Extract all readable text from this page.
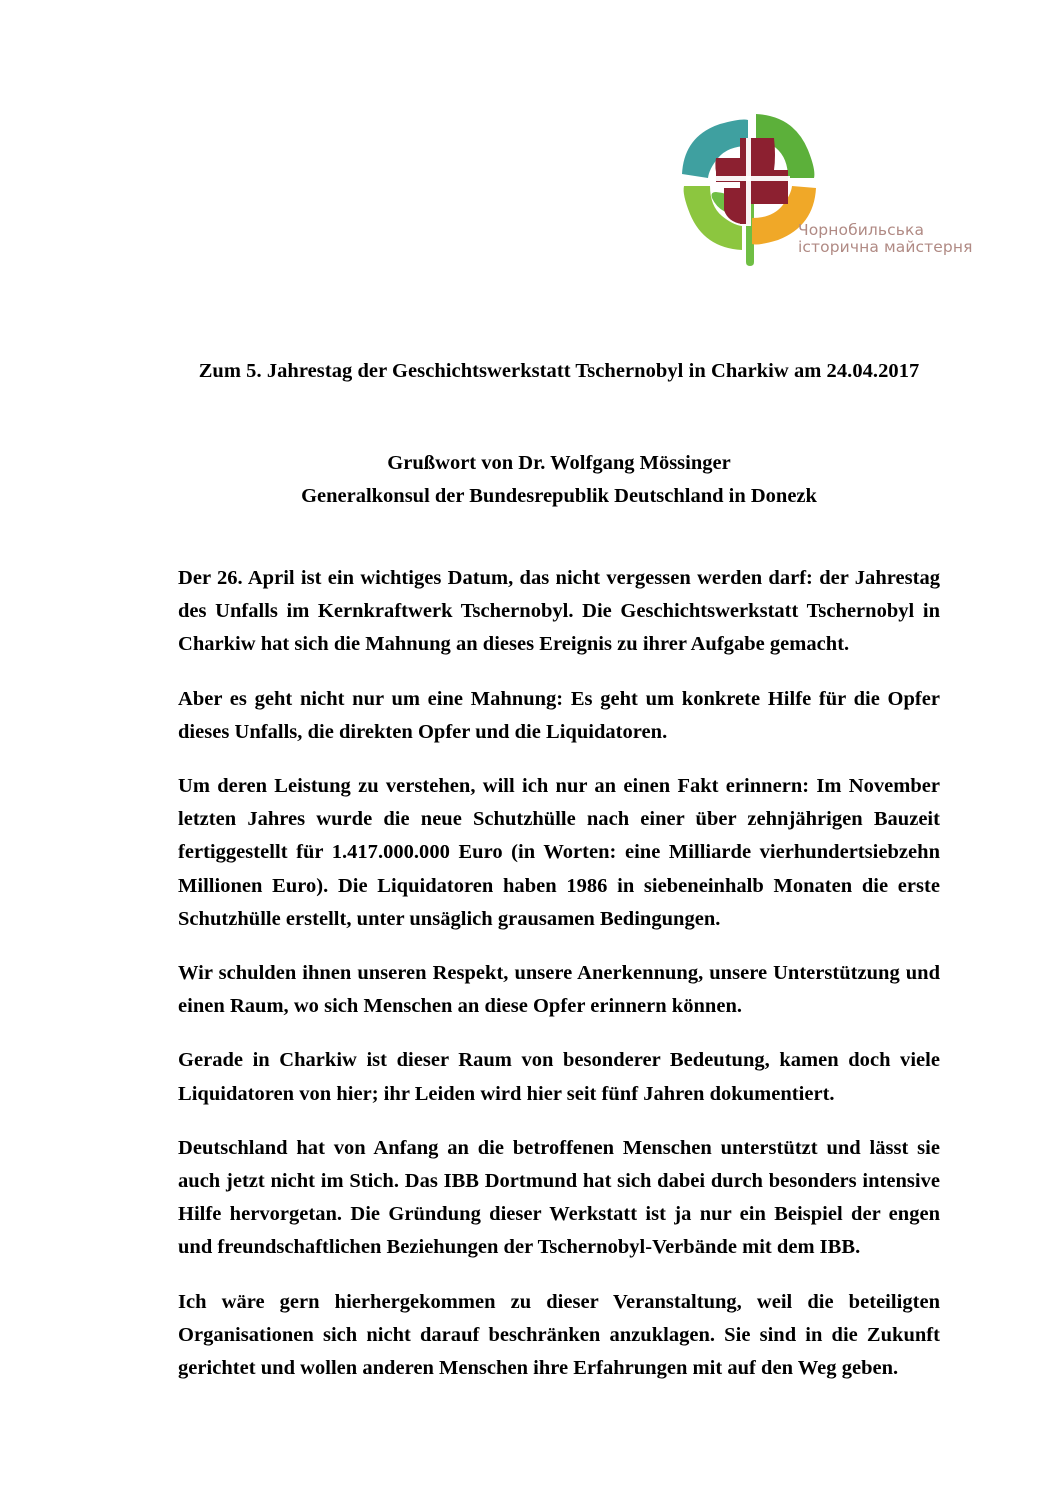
Чорнобильська
історична майстерня
Zum 5. Jahrestag der Geschichtswerkstatt Tschernobyl in Charkiw am 24.04.2017
Grußwort von Dr. Wolfgang Mössinger
Generalkonsul der Bundesrepublik Deutschland in Donezk

Der 26. April ist ein wichtiges Datum, das nicht vergessen werden darf: der Jahrestag des Unfalls im Kernkraftwerk Tschernobyl. Die Geschichtswerkstatt Tschernobyl in Charkiw hat sich die Mahnung an dieses Ereignis zu ihrer Aufgabe gemacht.

Aber es geht nicht nur um eine Mahnung: Es geht um konkrete Hilfe für die Opfer dieses Unfalls, die direkten Opfer und die Liquidatoren.

Um deren Leistung zu verstehen, will ich nur an einen Fakt erinnern: Im November letzten Jahres wurde die neue Schutzhülle nach einer über zehnjährigen Bauzeit fertiggestellt für 1.417.000.000 Euro (in Worten: eine Milliarde vierhundertsiebzehn Millionen Euro). Die Liquidatoren haben 1986 in siebeneinhalb Monaten die erste Schutzhülle erstellt, unter unsäglich grausamen Bedingungen.

Wir schulden ihnen unseren Respekt, unsere Anerkennung, unsere Unterstützung und einen Raum, wo sich Menschen an diese Opfer erinnern können.

Gerade in Charkiw ist dieser Raum von besonderer Bedeutung, kamen doch viele Liquidatoren von hier; ihr Leiden wird hier seit fünf Jahren dokumentiert.

Deutschland hat von Anfang an die betroffenen Menschen unterstützt und lässt sie auch jetzt nicht im Stich. Das IBB Dortmund hat sich dabei durch besonders intensive Hilfe hervorgetan. Die Gründung dieser Werkstatt ist ja nur ein Beispiel der engen und freundschaftlichen Beziehungen der Tschernobyl-Verbände mit dem IBB.

Ich wäre gern hierhergekommen zu dieser Veranstaltung, weil die beteiligten Organisationen sich nicht darauf beschränken anzuklagen. Sie sind in die Zukunft gerichtet und wollen anderen Menschen ihre Erfahrungen mit auf den Weg geben.
